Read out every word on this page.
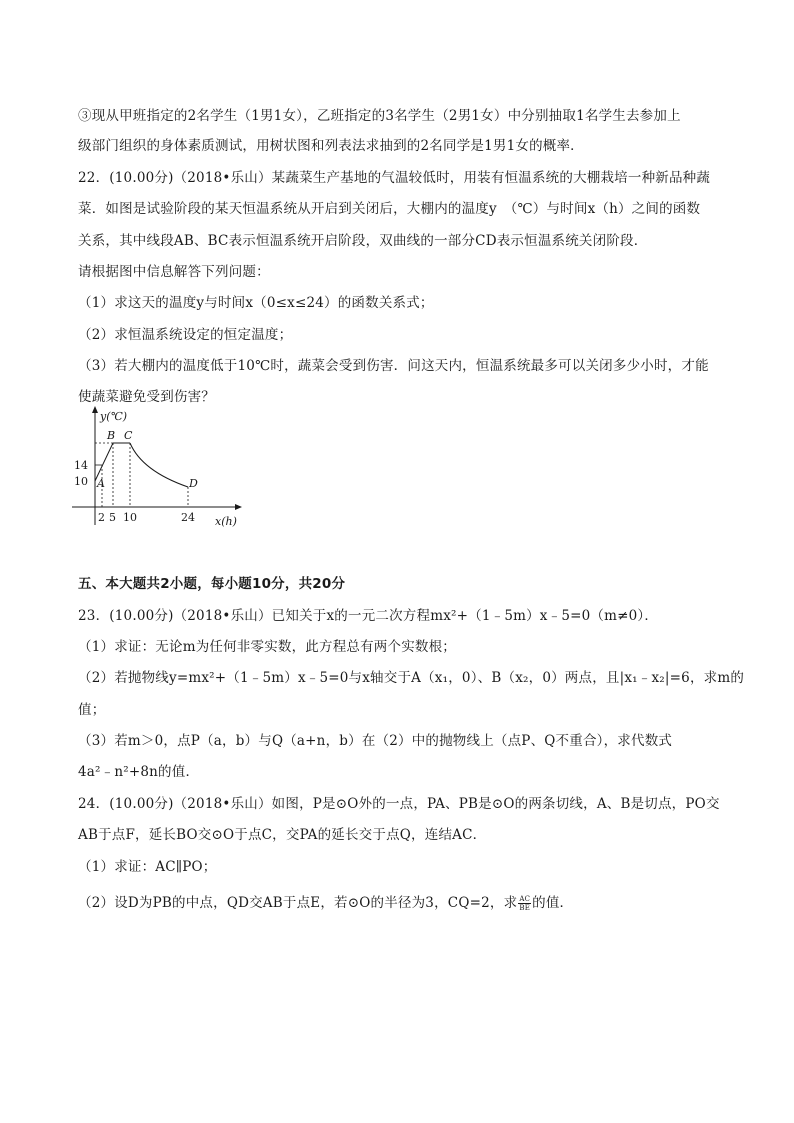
③现从甲班指定的2名学生（1男1女），乙班指定的3名学生（2男1女）中分别抽取1名学生去参加上
级部门组织的身体素质测试，用树状图和列表法求抽到的2名同学是1男1女的概率．
22．(10.00分)（2018•乐山）某蔬菜生产基地的气温较低时，用装有恒温系统的大棚栽培一种新品种蔬
菜．如图是试验阶段的某天恒温系统从开启到关闭后，大棚内的温度y　（℃）与时间x（h）之间的函数
关系，其中线段AB、BC表示恒温系统开启阶段，双曲线的一部分CD表示恒温系统关闭阶段．
请根据图中信息解答下列问题：
（1）求这天的温度y与时间x（0≤x≤24）的函数关系式；
（2）求恒温系统设定的恒定温度；
（3）若大棚内的温度低于10℃时，蔬菜会受到伤害．问这天内，恒温系统最多可以关闭多少小时，才能
使蔬菜避免受到伤害？
y(℃)
x(h)
A
B C
D
14
10
2 5 10	24
五、本大题共2小题，每小题10分，共20分
23．(10.00分)（2018•乐山）已知关于x的一元二次方程mx²+（1﹣5m）x﹣5=0（m≠0）．
（1）求证：无论m为任何非零实数，此方程总有两个实数根；
（2）若抛物线y=mx²+（1﹣5m）x﹣5=0与x轴交于A（x₁，0）、B（x₂，0）两点，且|x₁﹣x₂|=6，求m的
值；
（3）若m＞0，点P（a，b）与Q（a+n，b）在（2）中的抛物线上（点P、Q不重合），求代数式
4a²﹣n²+8n的值．
24．(10.00分)（2018•乐山）如图，P是⊙O外的一点，PA、PB是⊙O的两条切线，A、B是切点，PO交
AB于点F，延长BO交⊙O于点C，交PA的延长交于点Q，连结AC．
（1）求证：AC∥PO；
（2）设D为PB的中点，QD交AB于点E，若⊙O的半径为3，CQ=2，求 $\frac{AC}{BE}$ 的值．
